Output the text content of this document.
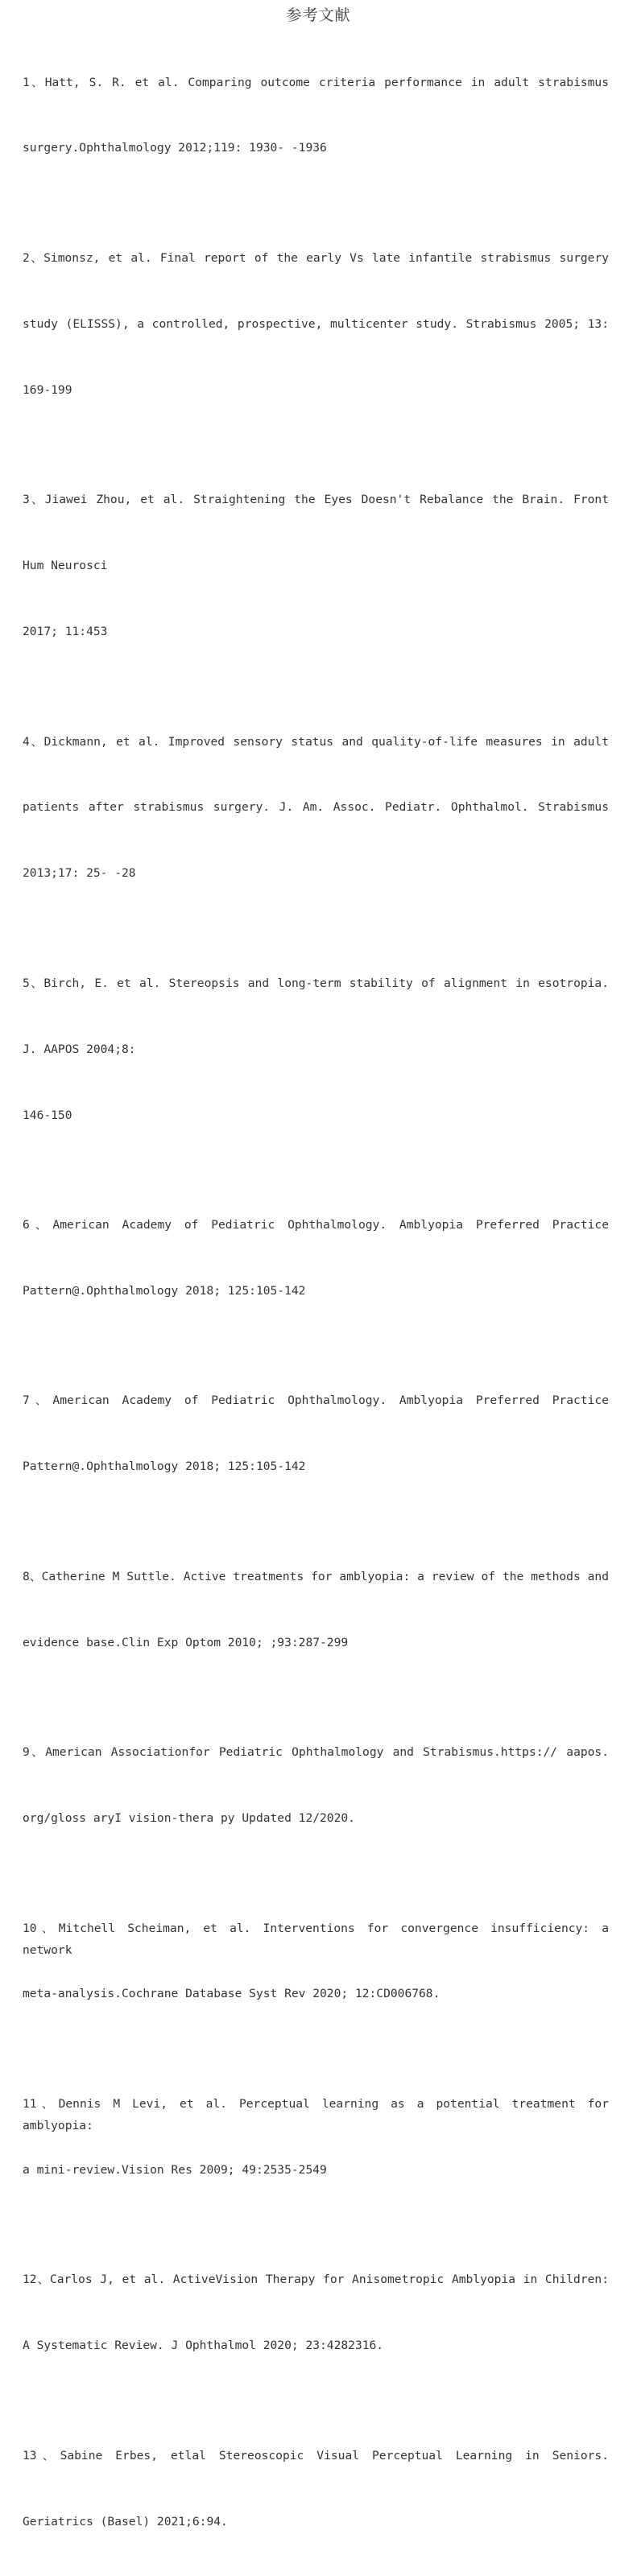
参考文献

1、Hatt, S. R. et al. Comparing outcome criteria performance in adult strabismus

surgery.Ophthalmology 2012;119: 1930- -1936

2、Simonsz, et al. Final report of the early Vs late infantile strabismus surgery

study (ELISSS), a controlled, prospective, multicenter study. Strabismus 2005; 13:

169-199

3、Jiawei Zhou, et al. Straightening the Eyes Doesn't Rebalance the Brain. Front

Hum Neurosci

2017; 11:453

4、Dickmann, et al. Improved sensory status and quality-of-life measures in adult

patients after strabismus surgery. J. Am. Assoc. Pediatr. Ophthalmol. Strabismus

2013;17: 25- -28

5、Birch, E. et al. Stereopsis and long-term stability of alignment in esotropia.

J. AAPOS 2004;8:

146-150

6、American Academy of Pediatric Ophthalmology. Amblyopia Preferred Practice

Pattern@.Ophthalmology 2018; 125:105-142

7、American Academy of Pediatric Ophthalmology. Amblyopia Preferred Practice

Pattern@.Ophthalmology 2018; 125:105-142

8、Catherine M Suttle. Active treatments for amblyopia: a review of the methods and

evidence base.Clin Exp Optom 2010; ;93:287-299

9、American Associationfor Pediatric Ophthalmology and Strabismus.https:// aapos.

org/gloss aryI vision-thera py Updated 12/2020.

10、Mitchell Scheiman, et al. Interventions for convergence insufficiency: a network

meta-analysis.Cochrane Database Syst Rev 2020; 12:CD006768.

11、Dennis M Levi, et al. Perceptual learning as a potential treatment for amblyopia:

a mini-review.Vision Res 2009; 49:2535-2549

12、Carlos J, et al. ActiveVision Therapy for Anisometropic Amblyopia in Children:

A Systematic Review. J Ophthalmol 2020; 23:4282316.

13、Sabine Erbes, etlal Stereoscopic Visual Perceptual Learning in Seniors.

Geriatrics (Basel) 2021;6:94.
